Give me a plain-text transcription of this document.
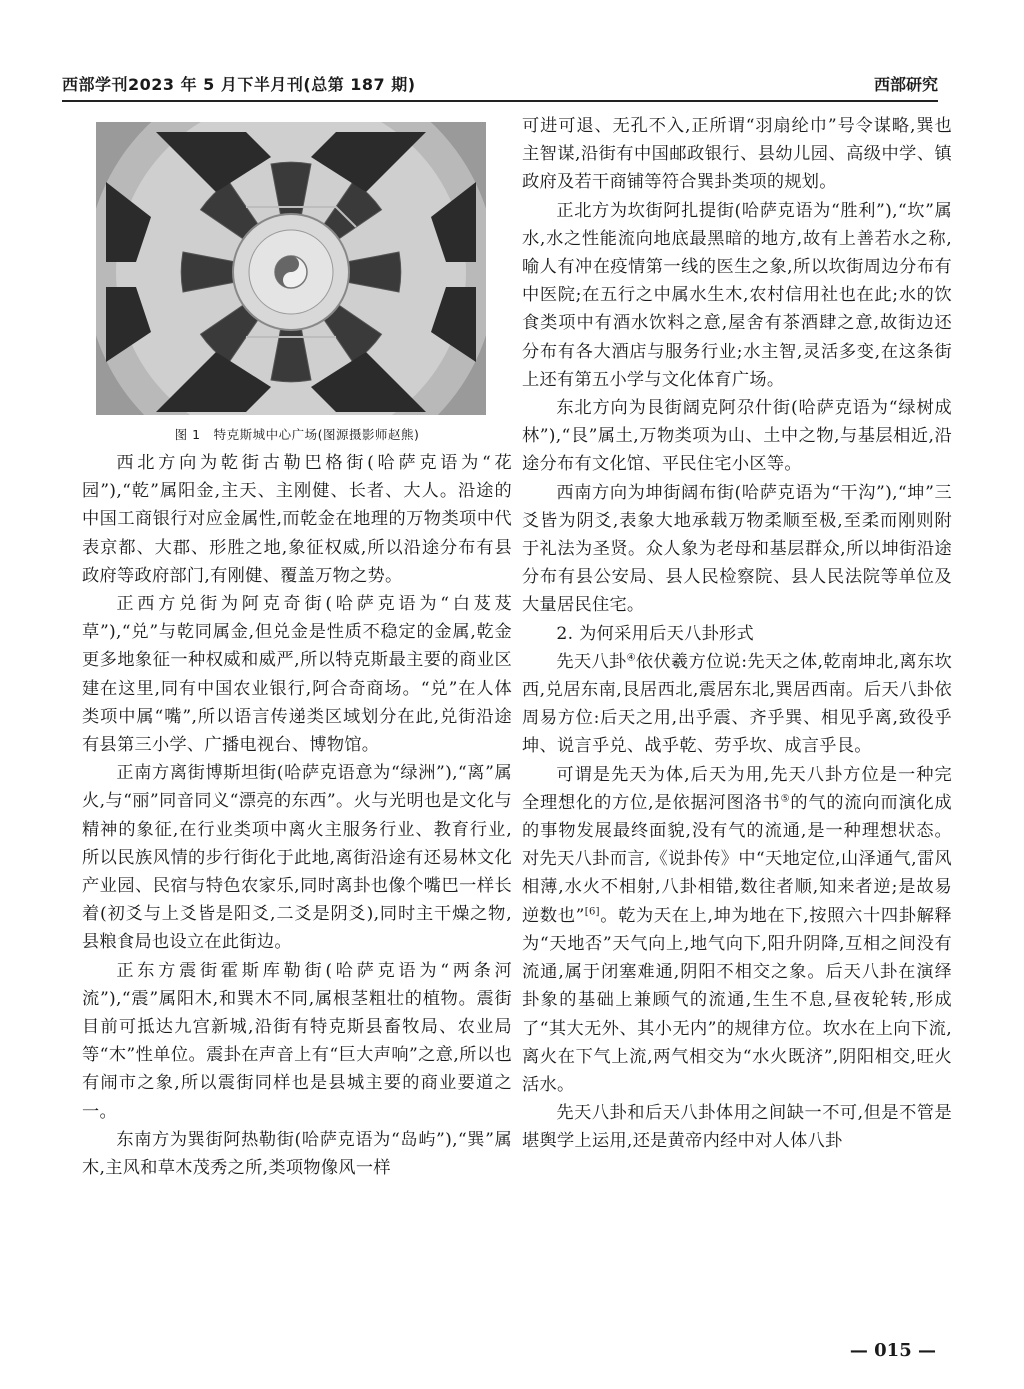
西部学刊2023 年 5 月下半月刊(总第 187 期)	西部研究
图 1　特克斯城中心广场(图源摄影师赵熊)

西北方向为乾街古勒巴格街(哈萨克语为“花园”),“乾”属阳金,主天、主刚健、长者、大人。沿途的中国工商银行对应金属性,而乾金在地理的万物类项中代表京都、大郡、形胜之地,象征权威,所以沿途分布有县政府等政府部门,有刚健、覆盖万物之势。

正西方兑街为阿克奇街(哈萨克语为“白芨芨草”),“兑”与乾同属金,但兑金是性质不稳定的金属,乾金更多地象征一种权威和威严,所以特克斯最主要的商业区建在这里,同有中国农业银行,阿合奇商场。“兑”在人体类项中属“嘴”,所以语言传递类区域划分在此,兑街沿途有县第三小学、广播电视台、博物馆。

正南方离街博斯坦街(哈萨克语意为“绿洲”),“离”属火,与“丽”同音同义“漂亮的东西”。火与光明也是文化与精神的象征,在行业类项中离火主服务行业、教育行业,所以民族风情的步行街化于此地,离街沿途有还易林文化产业园、民宿与特色农家乐,同时离卦也像个嘴巴一样长着(初爻与上爻皆是阳爻,二爻是阴爻),同时主干燥之物,县粮食局也设立在此街边。

正东方震街霍斯库勒街(哈萨克语为“两条河流”),“震”属阳木,和巽木不同,属根茎粗壮的植物。震街目前可抵达九宫新城,沿街有特克斯县畜牧局、农业局等“木”性单位。震卦在声音上有“巨大声响”之意,所以也有闹市之象,所以震街同样也是县城主要的商业要道之一。

东南方为巽街阿热勒街(哈萨克语为“岛屿”),“巽”属木,主风和草木茂秀之所,类项物像风一样

可进可退、无孔不入,正所谓“羽扇纶巾”号令谋略,巽也主智谋,沿街有中国邮政银行、县幼儿园、高级中学、镇政府及若干商铺等符合巽卦类项的规划。

正北方为坎街阿扎提街(哈萨克语为“胜利”),“坎”属水,水之性能流向地底最黑暗的地方,故有上善若水之称,喻人有冲在疫情第一线的医生之象,所以坎街周边分布有中医院;在五行之中属水生木,农村信用社也在此;水的饮食类项中有酒水饮料之意,屋舍有茶酒肆之意,故街边还分布有各大酒店与服务行业;水主智,灵活多变,在这条街上还有第五小学与文化体育广场。

东北方向为艮街阔克阿尕什街(哈萨克语为“绿树成林”),“艮”属土,万物类项为山、土中之物,与基层相近,沿途分布有文化馆、平民住宅小区等。

西南方向为坤街阔布街(哈萨克语为“干沟”),“坤”三爻皆为阴爻,表象大地承载万物柔顺至极,至柔而刚则附于礼法为圣贤。众人象为老母和基层群众,所以坤街沿途分布有县公安局、县人民检察院、县人民法院等单位及大量居民住宅。

2. 为何采用后天八卦形式

先天八卦④依伏羲方位说:先天之体,乾南坤北,离东坎西,兑居东南,艮居西北,震居东北,巽居西南。后天八卦依周易方位:后天之用,出乎震、齐乎巽、相见乎离,致役乎坤、说言乎兑、战乎乾、劳乎坎、成言乎艮。

可谓是先天为体,后天为用,先天八卦方位是一种完全理想化的方位,是依据河图洛书⑤的气的流向而演化成的事物发展最终面貌,没有气的流通,是一种理想状态。对先天八卦而言,《说卦传》中“天地定位,山泽通气,雷风相薄,水火不相射,八卦相错,数往者顺,知来者逆;是故易逆数也”[6]。乾为天在上,坤为地在下,按照六十四卦解释为“天地否”天气向上,地气向下,阳升阴降,互相之间没有流通,属于闭塞难通,阴阳不相交之象。后天八卦在演绎卦象的基础上兼顾气的流通,生生不息,昼夜轮转,形成了“其大无外、其小无内”的规律方位。坎水在上向下流,离火在下气上流,两气相交为“水火既济”,阴阳相交,旺火活水。

先天八卦和后天八卦体用之间缺一不可,但是不管是堪舆学上运用,还是黄帝内经中对人体八卦

— 015 —
